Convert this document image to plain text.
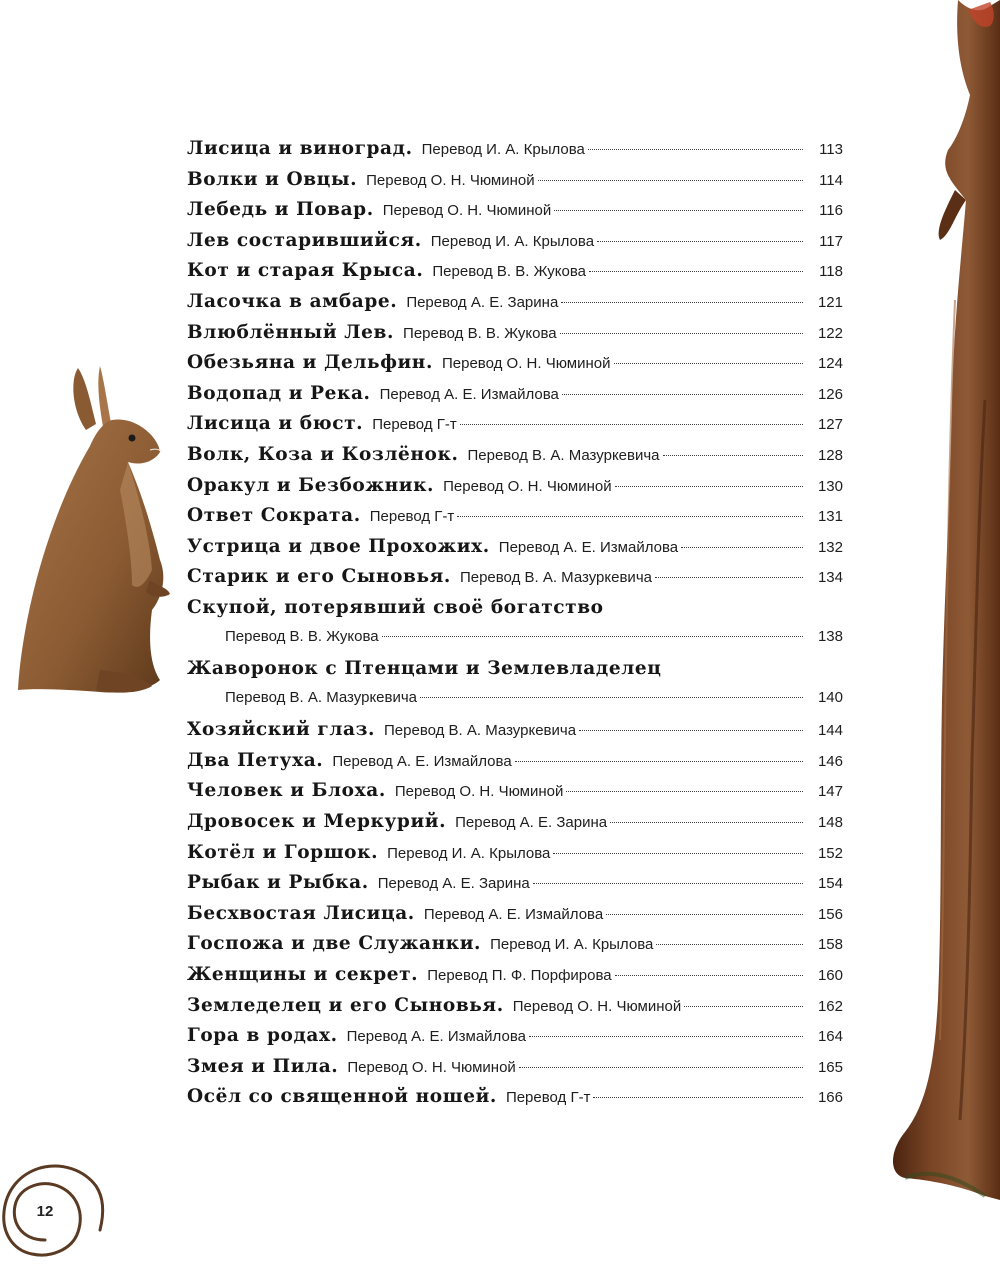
Лисица и виноград. Перевод И. А. Крылова	113
Волки и Овцы. Перевод О. Н. Чюминой	114
Лебедь и Повар. Перевод О. Н. Чюминой	116
Лев состарившийся. Перевод И. А. Крылова	117
Кот и старая Крыса. Перевод В. В. Жукова	118
Ласочка в амбаре. Перевод А. Е. Зарина	121
Влюблённый Лев. Перевод В. В. Жукова	122
Обезьяна и Дельфин. Перевод О. Н. Чюминой	124
Водопад и Река. Перевод А. Е. Измайлова	126
Лисица и бюст. Перевод Г-т	127
Волк, Коза и Козлёнок. Перевод В. А. Мазуркевича	128
Оракул и Безбожник. Перевод О. Н. Чюминой	130
Ответ Сократа. Перевод Г-т	131
Устрица и двое Прохожих. Перевод А. Е. Измайлова	132
Старик и его Сыновья. Перевод В. А. Мазуркевича	134
Скупой, потерявший своё богатство
Перевод В. В. Жукова	138
Жаворонок с Птенцами и Землевладелец
Перевод В. А. Мазуркевича	140
Хозяйский глаз. Перевод В. А. Мазуркевича	144
Два Петуха. Перевод А. Е. Измайлова	146
Человек и Блоха. Перевод О. Н. Чюминой	147
Дровосек и Меркурий. Перевод А. Е. Зарина	148
Котёл и Горшок. Перевод И. А. Крылова	152
Рыбак и Рыбка. Перевод А. Е. Зарина	154
Бесхвостая Лисица. Перевод А. Е. Измайлова	156
Госпожа и две Служанки. Перевод И. А. Крылова	158
Женщины и секрет. Перевод П. Ф. Порфирова	160
Земледелец и его Сыновья. Перевод О. Н. Чюминой	162
Гора в родах. Перевод А. Е. Измайлова	164
Змея и Пила. Перевод О. Н. Чюминой	165
Осёл со священной ношей. Перевод Г-т	166
12
